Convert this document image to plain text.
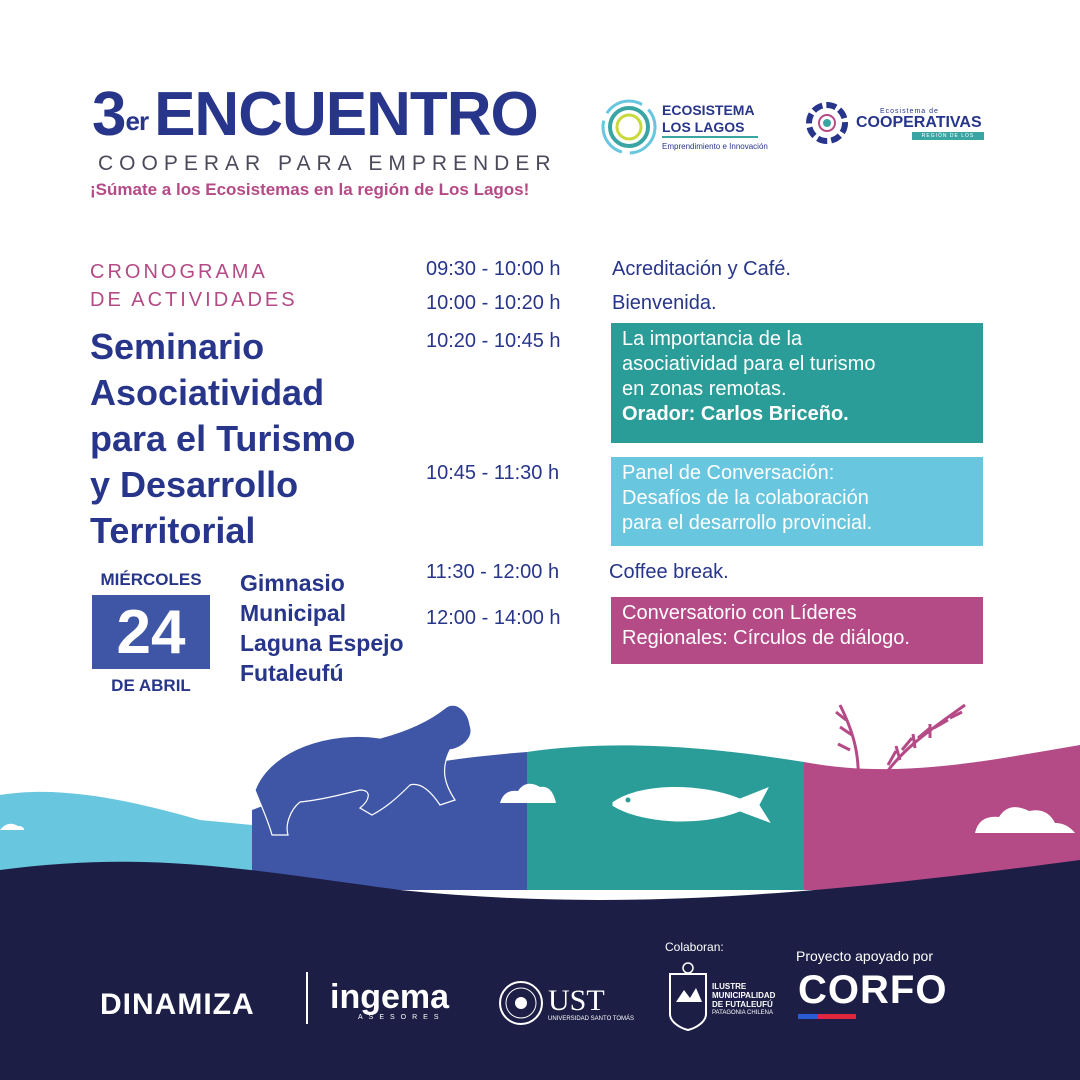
3erENCUENTRO
COOPERAR PARA EMPRENDER
¡Súmate a los Ecosistemas en la región de Los Lagos!
ECOSISTEMA
LOS LAGOS
Emprendimiento e Innovación
Ecosistema de
COOPERATIVAS
REGIÓN DE LOS LAGOS
CRONOGRAMA
DE ACTIVIDADES
Seminario
Asociatividad
para el Turismo
y Desarrollo
Territorial
MIÉRCOLES
24
DE ABRIL
Gimnasio
Municipal
Laguna Espejo
Futaleufú
09:30 - 10:00 h	Acreditación y Café.
10:00 - 10:20 h	Bienvenida.
10:20 - 10:45 h	La importancia de la
asociatividad para el turismo
en zonas remotas.
Orador: Carlos Briceño.
10:45 - 11:30 h	Panel de Conversación:
Desafíos de la colaboración
para el desarrollo provincial.
11:30 - 12:00 h Coffee break.
12:00 - 14:00 h	Conversatorio con Líderes
Regionales: Círculos de diálogo.
DINAMIZA ingema
ASESORES
UST
UNIVERSIDAD SANTO TOMÁS
Colaboran:
ILUSTRE
MUNICIPALIDAD
DE FUTALEUFÚ
PATAGONIA CHILENA
Proyecto apoyado por
CORFO
